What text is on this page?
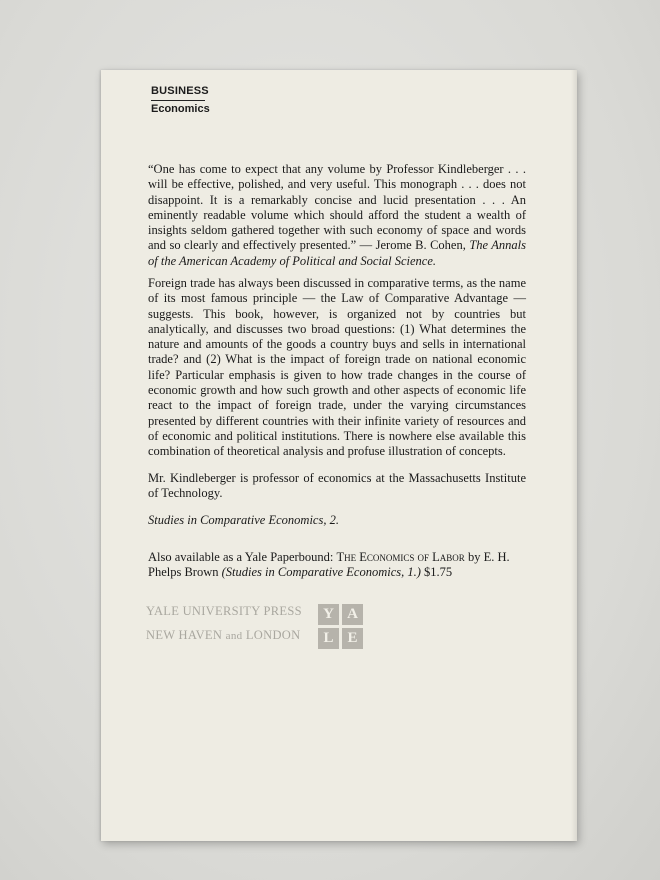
BUSINESS
Economics
“One has come to expect that any volume by Professor Kindleberger . . . will be effective, polished, and very useful. This monograph . . . does not disappoint. It is a remarkably concise and lucid presentation . . . An eminently readable volume which should afford the student a wealth of insights seldom gathered together with such economy of space and words and so clearly and effectively presented.” — Jerome B. Cohen, The Annals of the American Academy of Political and Social Science.
Foreign trade has always been discussed in comparative terms, as the name of its most famous principle — the Law of Comparative Advantage — suggests. This book, however, is organized not by countries but analytically, and discusses two broad questions: (1) What determines the nature and amounts of the goods a country buys and sells in international trade? and (2) What is the impact of foreign trade on national economic life? Particular emphasis is given to how trade changes in the course of economic growth and how such growth and other aspects of economic life react to the impact of foreign trade, under the varying circumstances presented by different countries with their infinite variety of resources and of economic and political institutions. There is nowhere else available this combination of theoretical analysis and profuse illustration of concepts.
Mr. Kindleberger is professor of economics at the Massachusetts Institute of Technology.
Studies in Comparative Economics, 2.
Also available as a Yale Paperbound: The Economics of Labor by E. H. Phelps Brown (Studies in Comparative Economics, 1.) $1.75
YALE UNIVERSITY PRESS
NEW HAVEN and LONDON
Y A
L E
